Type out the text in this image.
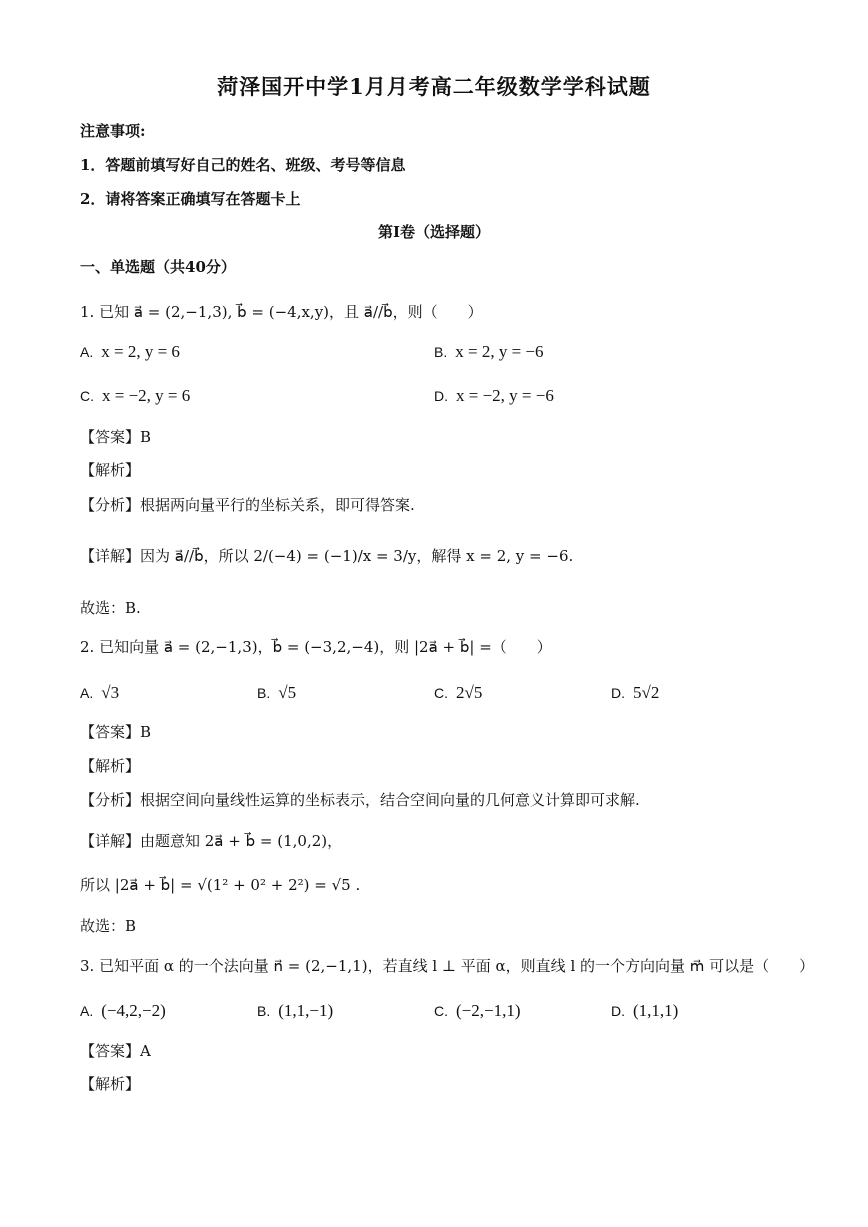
菏泽国开中学1月月考高二年级数学学科试题
注意事项:
1．答题前填写好自己的姓名、班级、考号等信息
2．请将答案正确填写在答题卡上
第I卷（选择题）
一、单选题（共40分）
1. 已知 a⃗ = (2,−1,3), b⃗ = (−4,x,y)，且 a⃗//b⃗，则（　　）
A. x = 2, y = 6	B. x = 2, y = −6
C. x = −2, y = 6	D. x = −2, y = −6
【答案】B
【解析】
【分析】根据两向量平行的坐标关系，即可得答案.
【详解】因为 a⃗//b⃗，所以 2/(−4) = (−1)/x = 3/y，解得 x = 2, y = −6.
故选：B.
2. 已知向量 a⃗ = (2,−1,3)，b⃗ = (−3,2,−4)，则 |2a⃗ + b⃗| =（　　）
A. √3	B. √5	C. 2√5	D. 5√2
【答案】B
【解析】
【分析】根据空间向量线性运算的坐标表示，结合空间向量的几何意义计算即可求解.
【详解】由题意知 2a⃗ + b⃗ = (1,0,2)，
所以 |2a⃗ + b⃗| = √(1² + 0² + 2²) = √5 .
故选：B
3. 已知平面 α 的一个法向量 n⃗ = (2,−1,1)，若直线 l ⊥ 平面 α，则直线 l 的一个方向向量 m⃗ 可以是（　　）
A. (−4,2,−2)	B. (1,1,−1)	C. (−2,−1,1)	D. (1,1,1)
【答案】A
【解析】
